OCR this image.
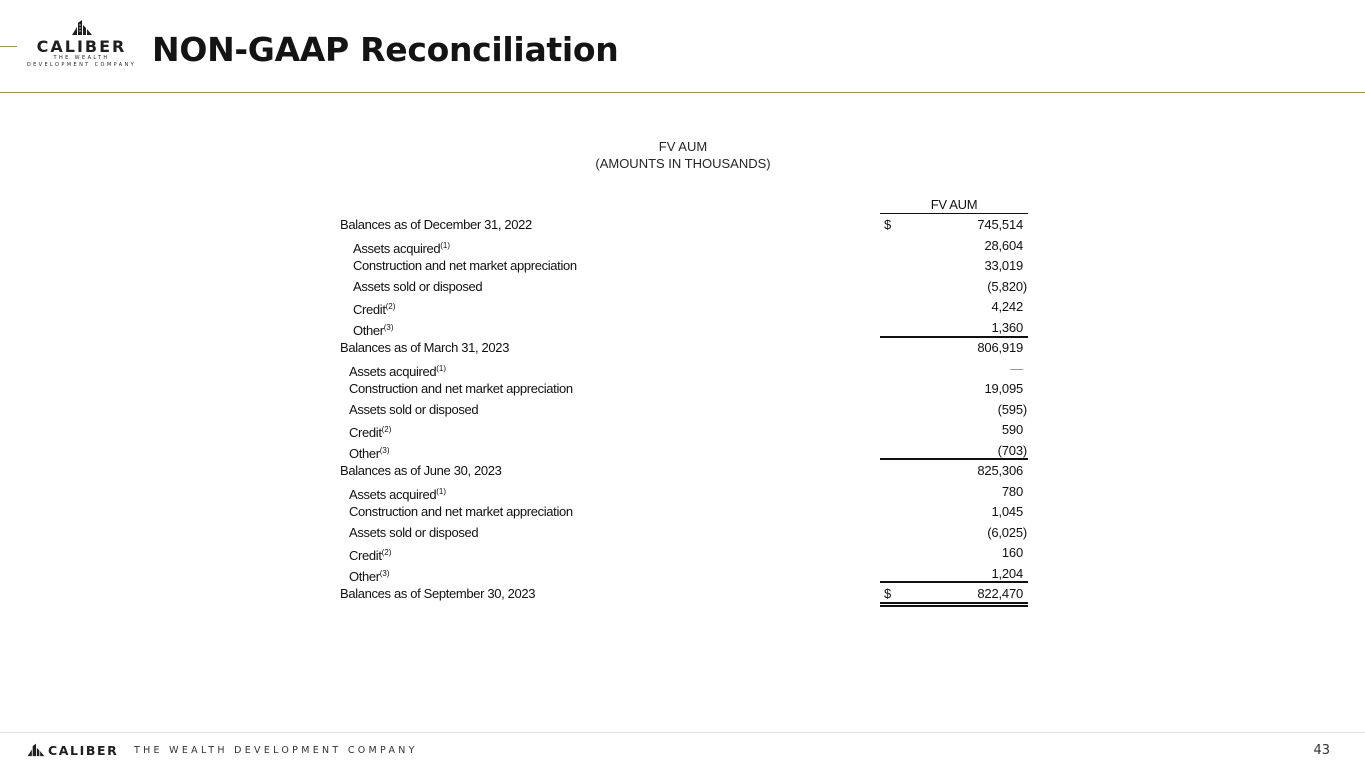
CALIBER
THE WEALTH DEVELOPMENT COMPANY NON-GAAP Reconciliation
FV AUM
(AMOUNTS IN THOUSANDS)
FV AUM
Balances as of December 31, 2022	$	745,514
Assets acquired$^{(1)}$	28,604
Construction and net market appreciation	33,019
Assets sold or disposed	(5,820)
Credit$^{(2)}$	4,242
Other$^{(3)}$	1,360
Balances as of March 31, 2023	806,919
Assets acquired$^{(1)}$	—
Construction and net market appreciation	19,095
Assets sold or disposed	(595)
Credit$^{(2)}$	590
Other$^{(3)}$	(703)
Balances as of June 30, 2023	825,306
Assets acquired$^{(1)}$	780
Construction and net market appreciation	1,045
Assets sold or disposed	(6,025)
Credit$^{(2)}$	160
Other$^{(3)}$	1,204
Balances as of September 30, 2023	$	822,470
CALIBER THE WEALTH DEVELOPMENT COMPANY	43
